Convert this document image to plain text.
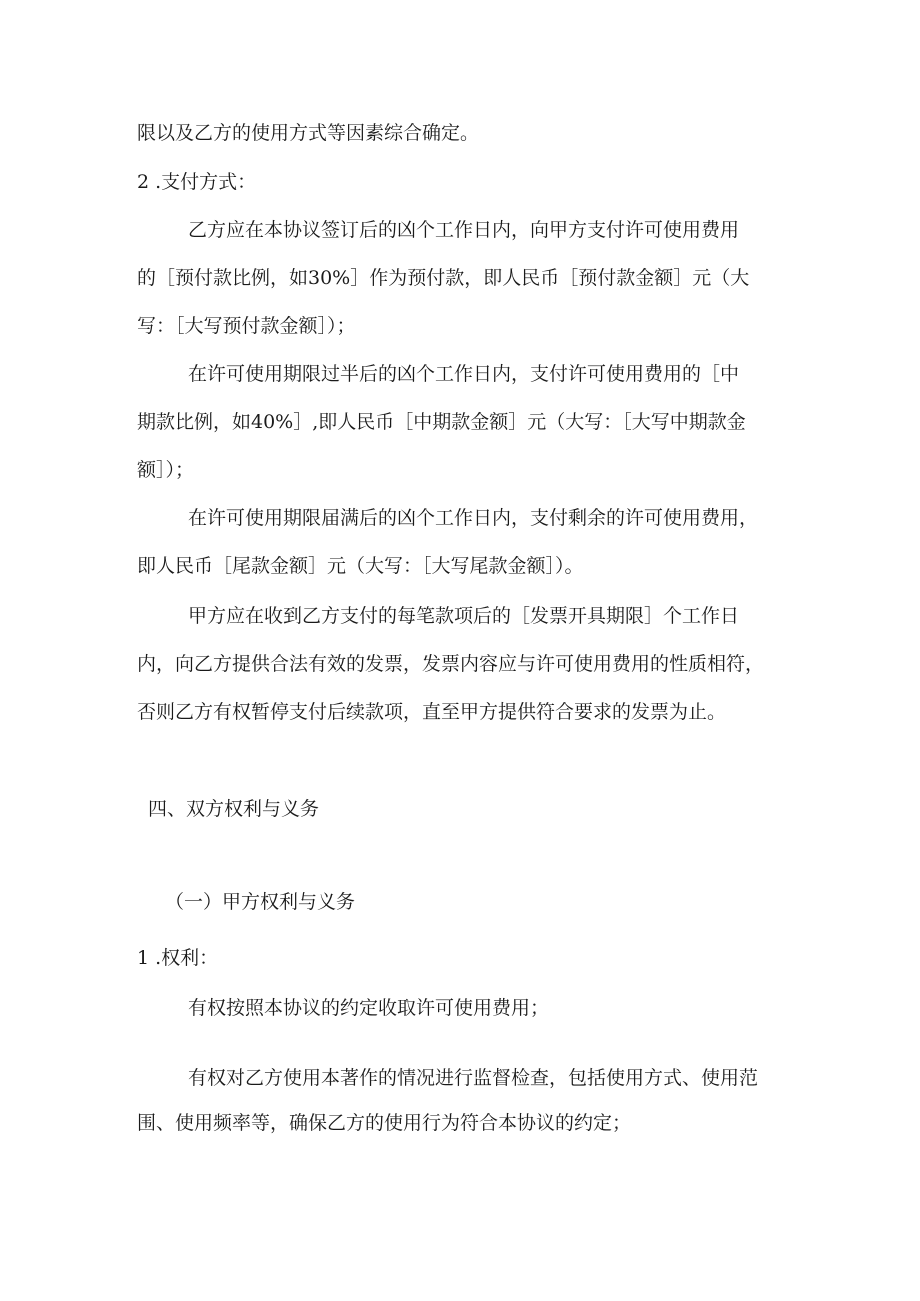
限以及乙方的使用方式等因素综合确定。
2 .支付方式：
乙方应在本协议签订后的凶个工作日内，向甲方支付许可使用费用
的［预付款比例，如30%］作为预付款，即人民币［预付款金额］元（大
写：［大写预付款金额］）；
在许可使用期限过半后的凶个工作日内，支付许可使用费用的［中
期款比例，如40%］,即人民币［中期款金额］元（大写：［大写中期款金
额］）；
在许可使用期限届满后的凶个工作日内，支付剩余的许可使用费用，
即人民币［尾款金额］元（大写：［大写尾款金额］）。
甲方应在收到乙方支付的每笔款项后的［发票开具期限］个工作日
内，向乙方提供合法有效的发票，发票内容应与许可使用费用的性质相符，
否则乙方有权暂停支付后续款项，直至甲方提供符合要求的发票为止。
四、双方权利与义务
（一）甲方权利与义务
1 .权利：
有权按照本协议的约定收取许可使用费用；
有权对乙方使用本著作的情况进行监督检查，包括使用方式、使用范
围、使用频率等，确保乙方的使用行为符合本协议的约定；
